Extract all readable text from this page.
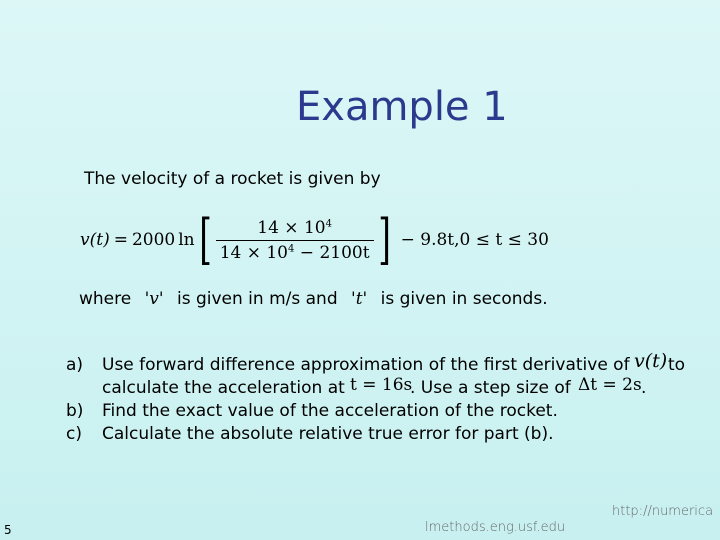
Example 1
The velocity of a rocket is given by
v(t) = 2000 ln [ $\frac{14 \times 10^4}{14 \times 10^4 - 2100t}$ ] − 9.8t,0 ≤ t ≤ 30
where 'v' is given in m/s and 't' is given in seconds.
a) Use forward difference approximation of the first derivative of v(t) to
calculate the acceleration at t = 16s
. Use a step size of Δt = 2s .
b) Find the exact value of the acceleration of the rocket.
c) Calculate the absolute relative true error for part (b).
5
http://numerica
lmethods.eng.usf.edu
